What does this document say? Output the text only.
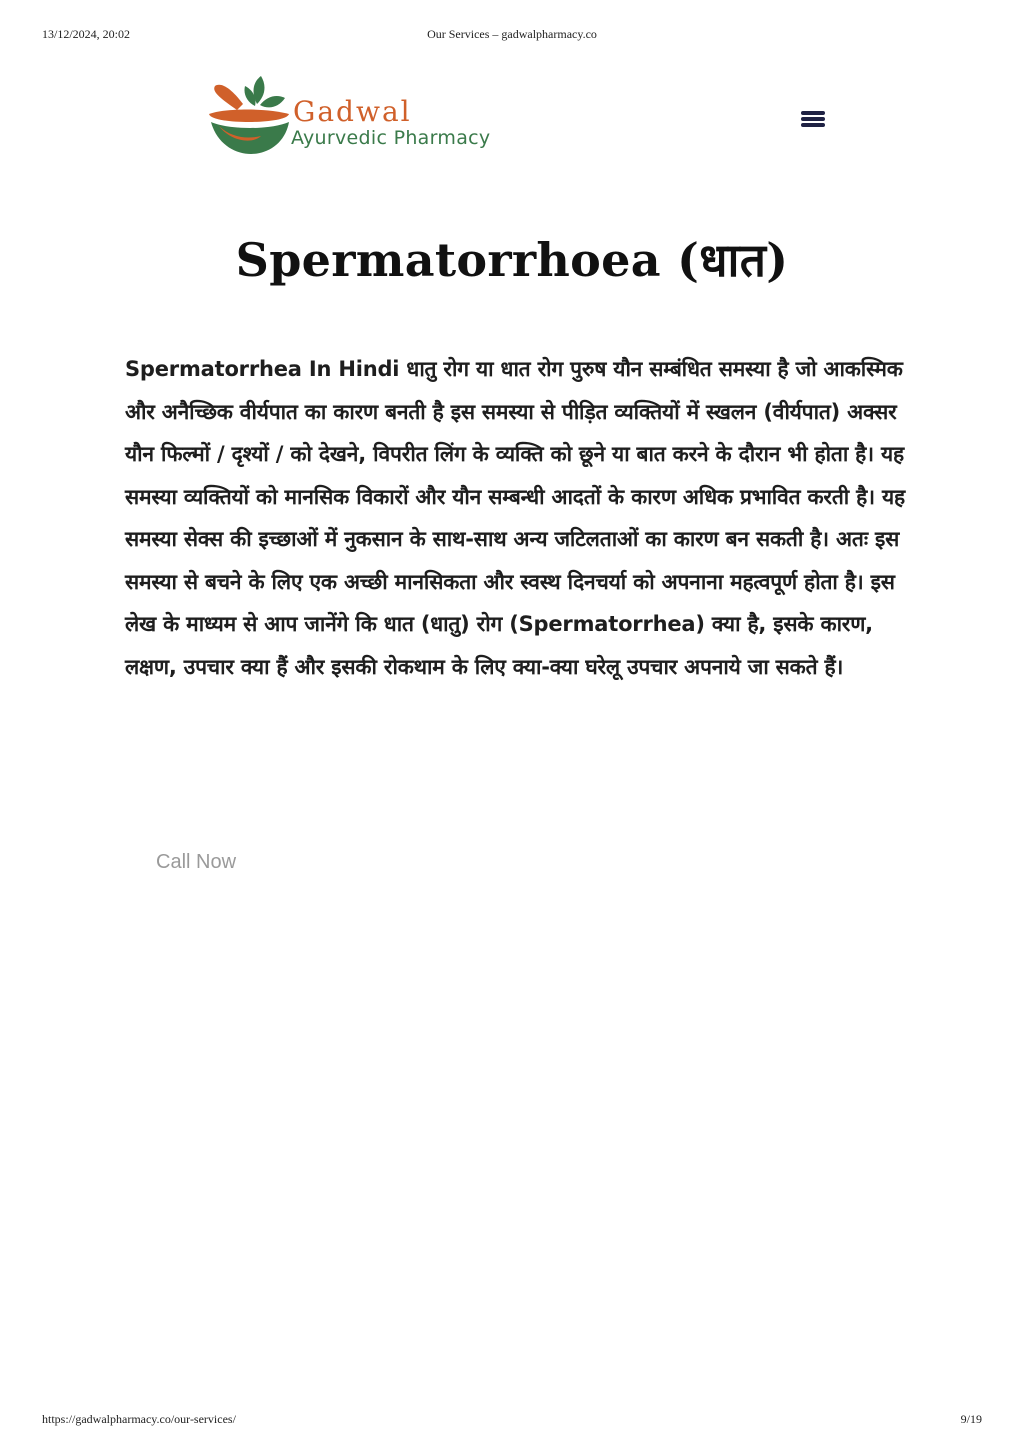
13/12/2024, 20:02	Our Services – gadwalpharmacy.co
Gadwal
Ayurvedic Pharmacy
Spermatorrhoea (धात)

Spermatorrhea In Hindi धातु रोग या धात रोग पुरुष यौन सम्बंधित समस्या है जो आकस्मिक और अनैच्छिक वीर्यपात का कारण बनती है इस समस्या से पीड़ित व्यक्तियों में स्खलन (वीर्यपात) अक्सर यौन फिल्मों / दृश्यों / को देखने, विपरीत लिंग के व्यक्ति को छूने या बात करने के दौरान भी होता है। यह समस्या व्यक्तियों को मानसिक विकारों और यौन सम्बन्धी आदतों के कारण अधिक प्रभावित करती है। यह समस्या सेक्स की इच्छाओं में नुकसान के साथ-साथ अन्य जटिलताओं का कारण बन सकती है। अतः इस समस्या से बचने के लिए एक अच्छी मानसिकता और स्वस्थ दिनचर्या को अपनाना महत्वपूर्ण होता है। इस लेख के माध्यम से आप जानेंगे कि धात (धातु) रोग (Spermatorrhea) क्या है, इसके कारण, लक्षण, उपचार क्या हैं और इसकी रोकथाम के लिए क्या-क्या घरेलू उपचार अपनाये जा सकते हैं।

Call Now
https://gadwalpharmacy.co/our-services/	9/19
